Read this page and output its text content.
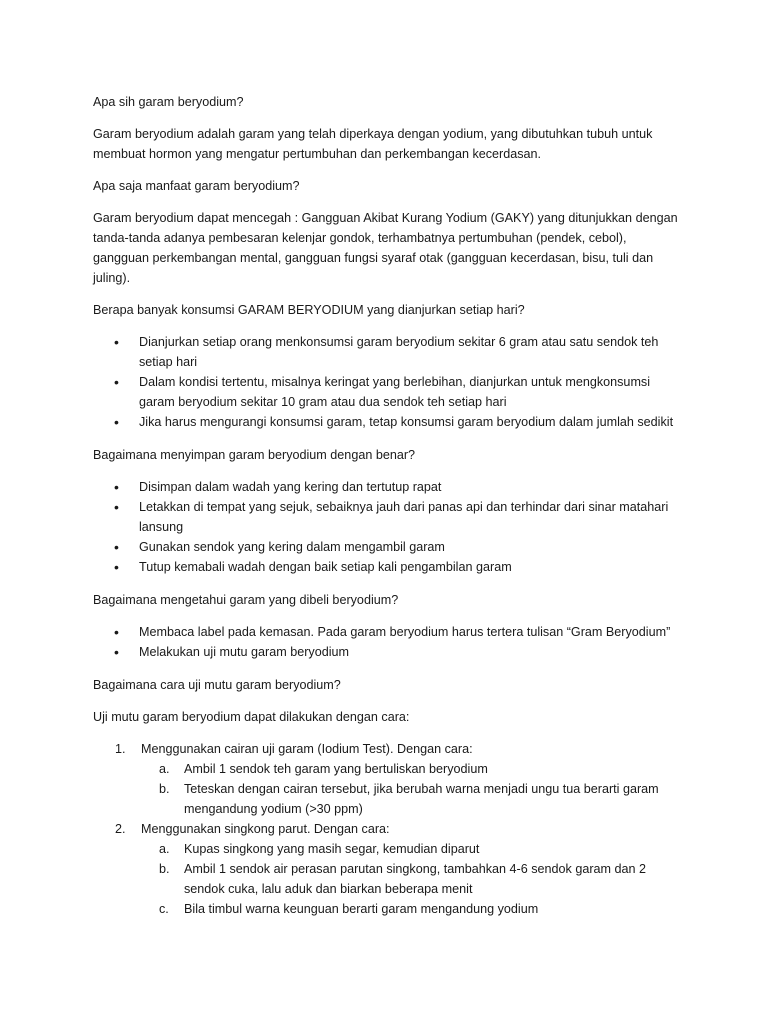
Apa sih garam beryodium?

Garam beryodium adalah garam yang telah diperkaya dengan yodium, yang dibutuhkan tubuh untuk membuat hormon yang mengatur pertumbuhan dan perkembangan kecerdasan.

Apa saja manfaat garam beryodium?

Garam beryodium dapat mencegah : Gangguan Akibat Kurang Yodium (GAKY) yang ditunjukkan dengan tanda-tanda adanya pembesaran kelenjar gondok, terhambatnya pertumbuhan (pendek, cebol), gangguan perkembangan mental, gangguan fungsi syaraf otak (gangguan kecerdasan, bisu, tuli dan juling).

Berapa banyak konsumsi GARAM BERYODIUM yang dianjurkan setiap hari?

• Dianjurkan setiap orang menkonsumsi garam beryodium sekitar 6 gram atau satu sendok teh setiap hari
• Dalam kondisi tertentu, misalnya keringat yang berlebihan, dianjurkan untuk mengkonsumsi garam beryodium sekitar 10 gram atau dua sendok teh setiap hari
• Jika harus mengurangi konsumsi garam, tetap konsumsi garam beryodium dalam jumlah sedikit

Bagaimana menyimpan garam beryodium dengan benar?

• Disimpan dalam wadah yang kering dan tertutup rapat
• Letakkan di tempat yang sejuk, sebaiknya jauh dari panas api dan terhindar dari sinar matahari lansung
• Gunakan sendok yang kering dalam mengambil garam
• Tutup kemabali wadah dengan baik setiap kali pengambilan garam

Bagaimana mengetahui garam yang dibeli beryodium?

• Membaca label pada kemasan. Pada garam beryodium harus tertera tulisan “Gram Beryodium”
• Melakukan uji mutu garam beryodium

Bagaimana cara uji mutu garam beryodium?

Uji mutu garam beryodium dapat dilakukan dengan cara:

1. Menggunakan cairan uji garam (Iodium Test). Dengan cara:
a. Ambil 1 sendok teh garam yang bertuliskan beryodium
b. Teteskan dengan cairan tersebut, jika berubah warna menjadi ungu tua berarti garam mengandung yodium (>30 ppm)
2. Menggunakan singkong parut. Dengan cara:
a. Kupas singkong yang masih segar, kemudian diparut
b. Ambil 1 sendok air perasan parutan singkong, tambahkan 4-6 sendok garam dan 2 sendok cuka, lalu aduk dan biarkan beberapa menit
c. Bila timbul warna keunguan berarti garam mengandung yodium
